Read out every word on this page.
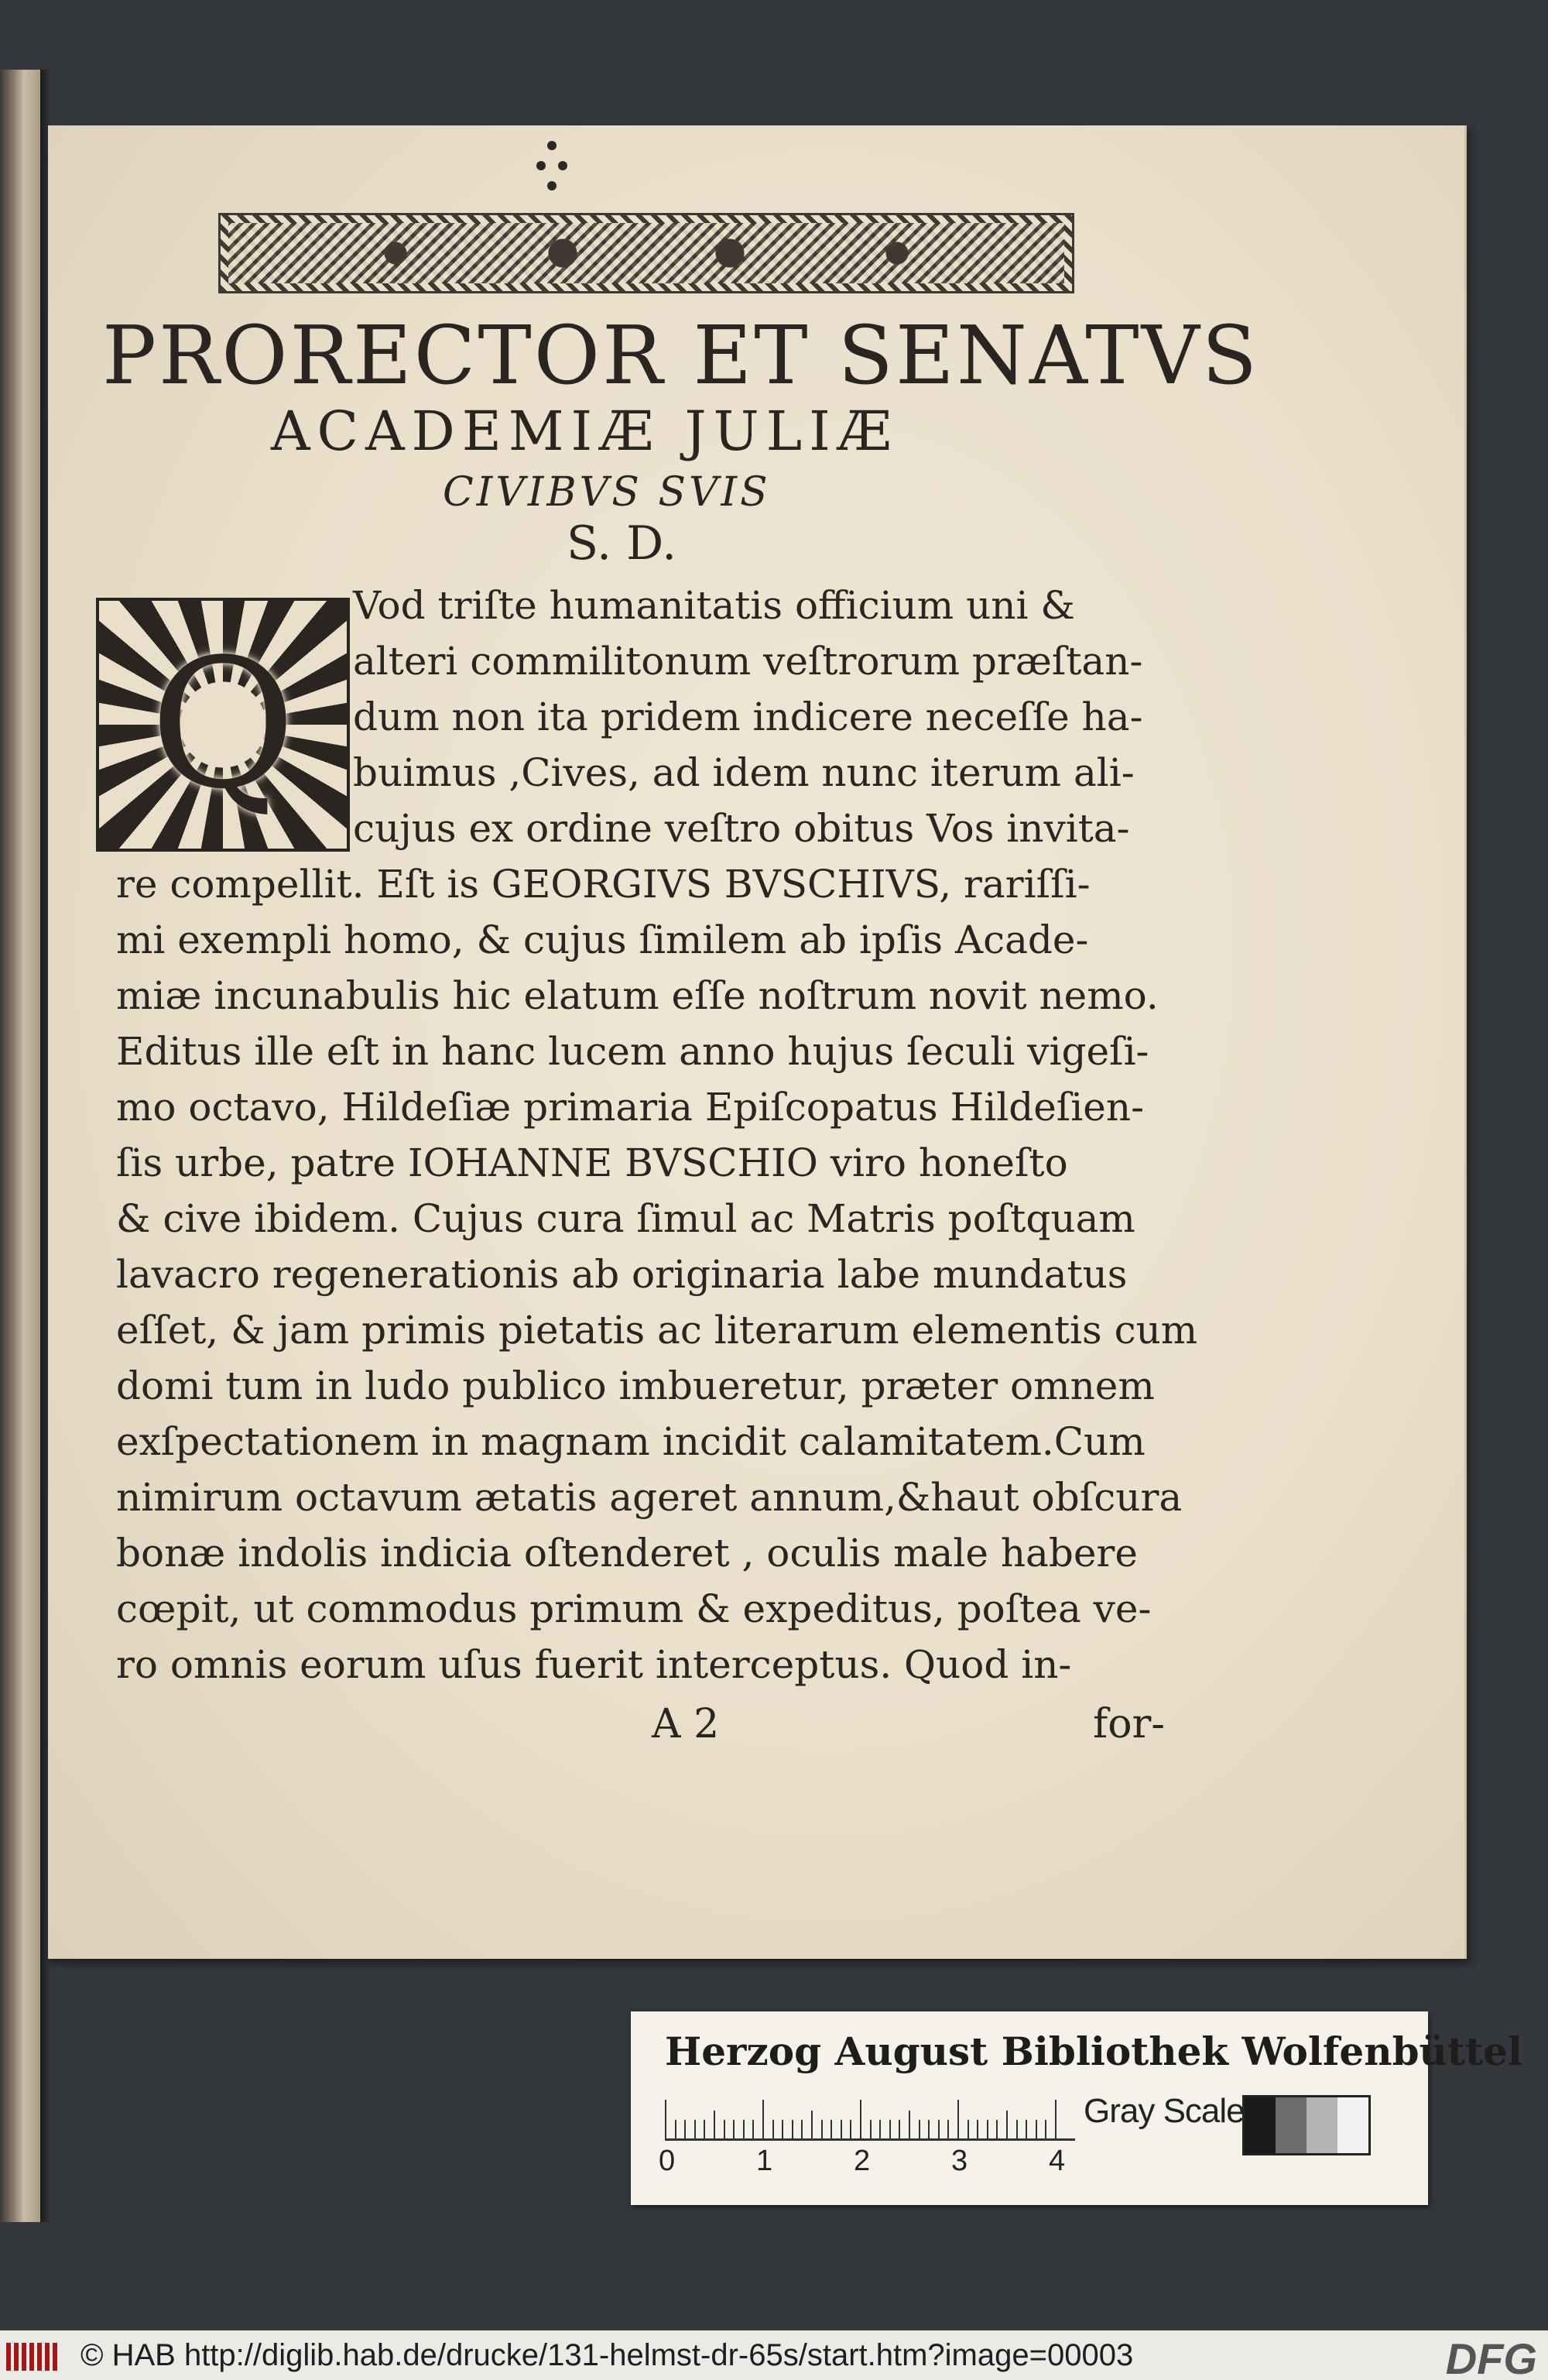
PRORECTOR ET SENATVS
ACADEMIÆ JULIÆ
CIVIBVS SVIS
S. D.
Q
Vod triſte humanitatis officium uni &
alteri commilitonum veſtrorum præſtan-
dum non ita pridem indicere neceſſe ha-
buimus ,Cives, ad idem nunc iterum ali-
cujus ex ordine veſtro obitus Vos invita-
re compellit. Eſt is GEORGIVS BVSCHIVS, rariſſi-
mi exempli homo, & cujus ſimilem ab ipſis Acade-
miæ incunabulis hic elatum eſſe noſtrum novit nemo.
Editus ille eſt in hanc lucem anno hujus ſeculi vigeſi-
mo octavo, Hildeſiæ primaria Epiſcopatus Hildeſien-
ſis urbe, patre IOHANNE BVSCHIO viro honeſto
& cive ibidem. Cujus cura ſimul ac Matris poſtquam
lavacro regenerationis ab originaria labe mundatus
eſſet, & jam primis pietatis ac literarum elementis cum
domi tum in ludo publico imbueretur, præter omnem
exſpectationem in magnam incidit calamitatem.Cum
nimirum octavum ætatis ageret annum,&haut obſcura
bonæ indolis indicia oſtenderet , oculis male habere
cœpit, ut commodus primum & expeditus, poſtea ve-
ro omnis eorum uſus fuerit interceptus. Quod in-
A 2	for-
Herzog August Bibliothek Wolfenbüttel
0	1	2	3	4
Gray Scale
© HAB http://diglib.hab.de/drucke/131-helmst-dr-65s/start.htm?image=00003	DFG
